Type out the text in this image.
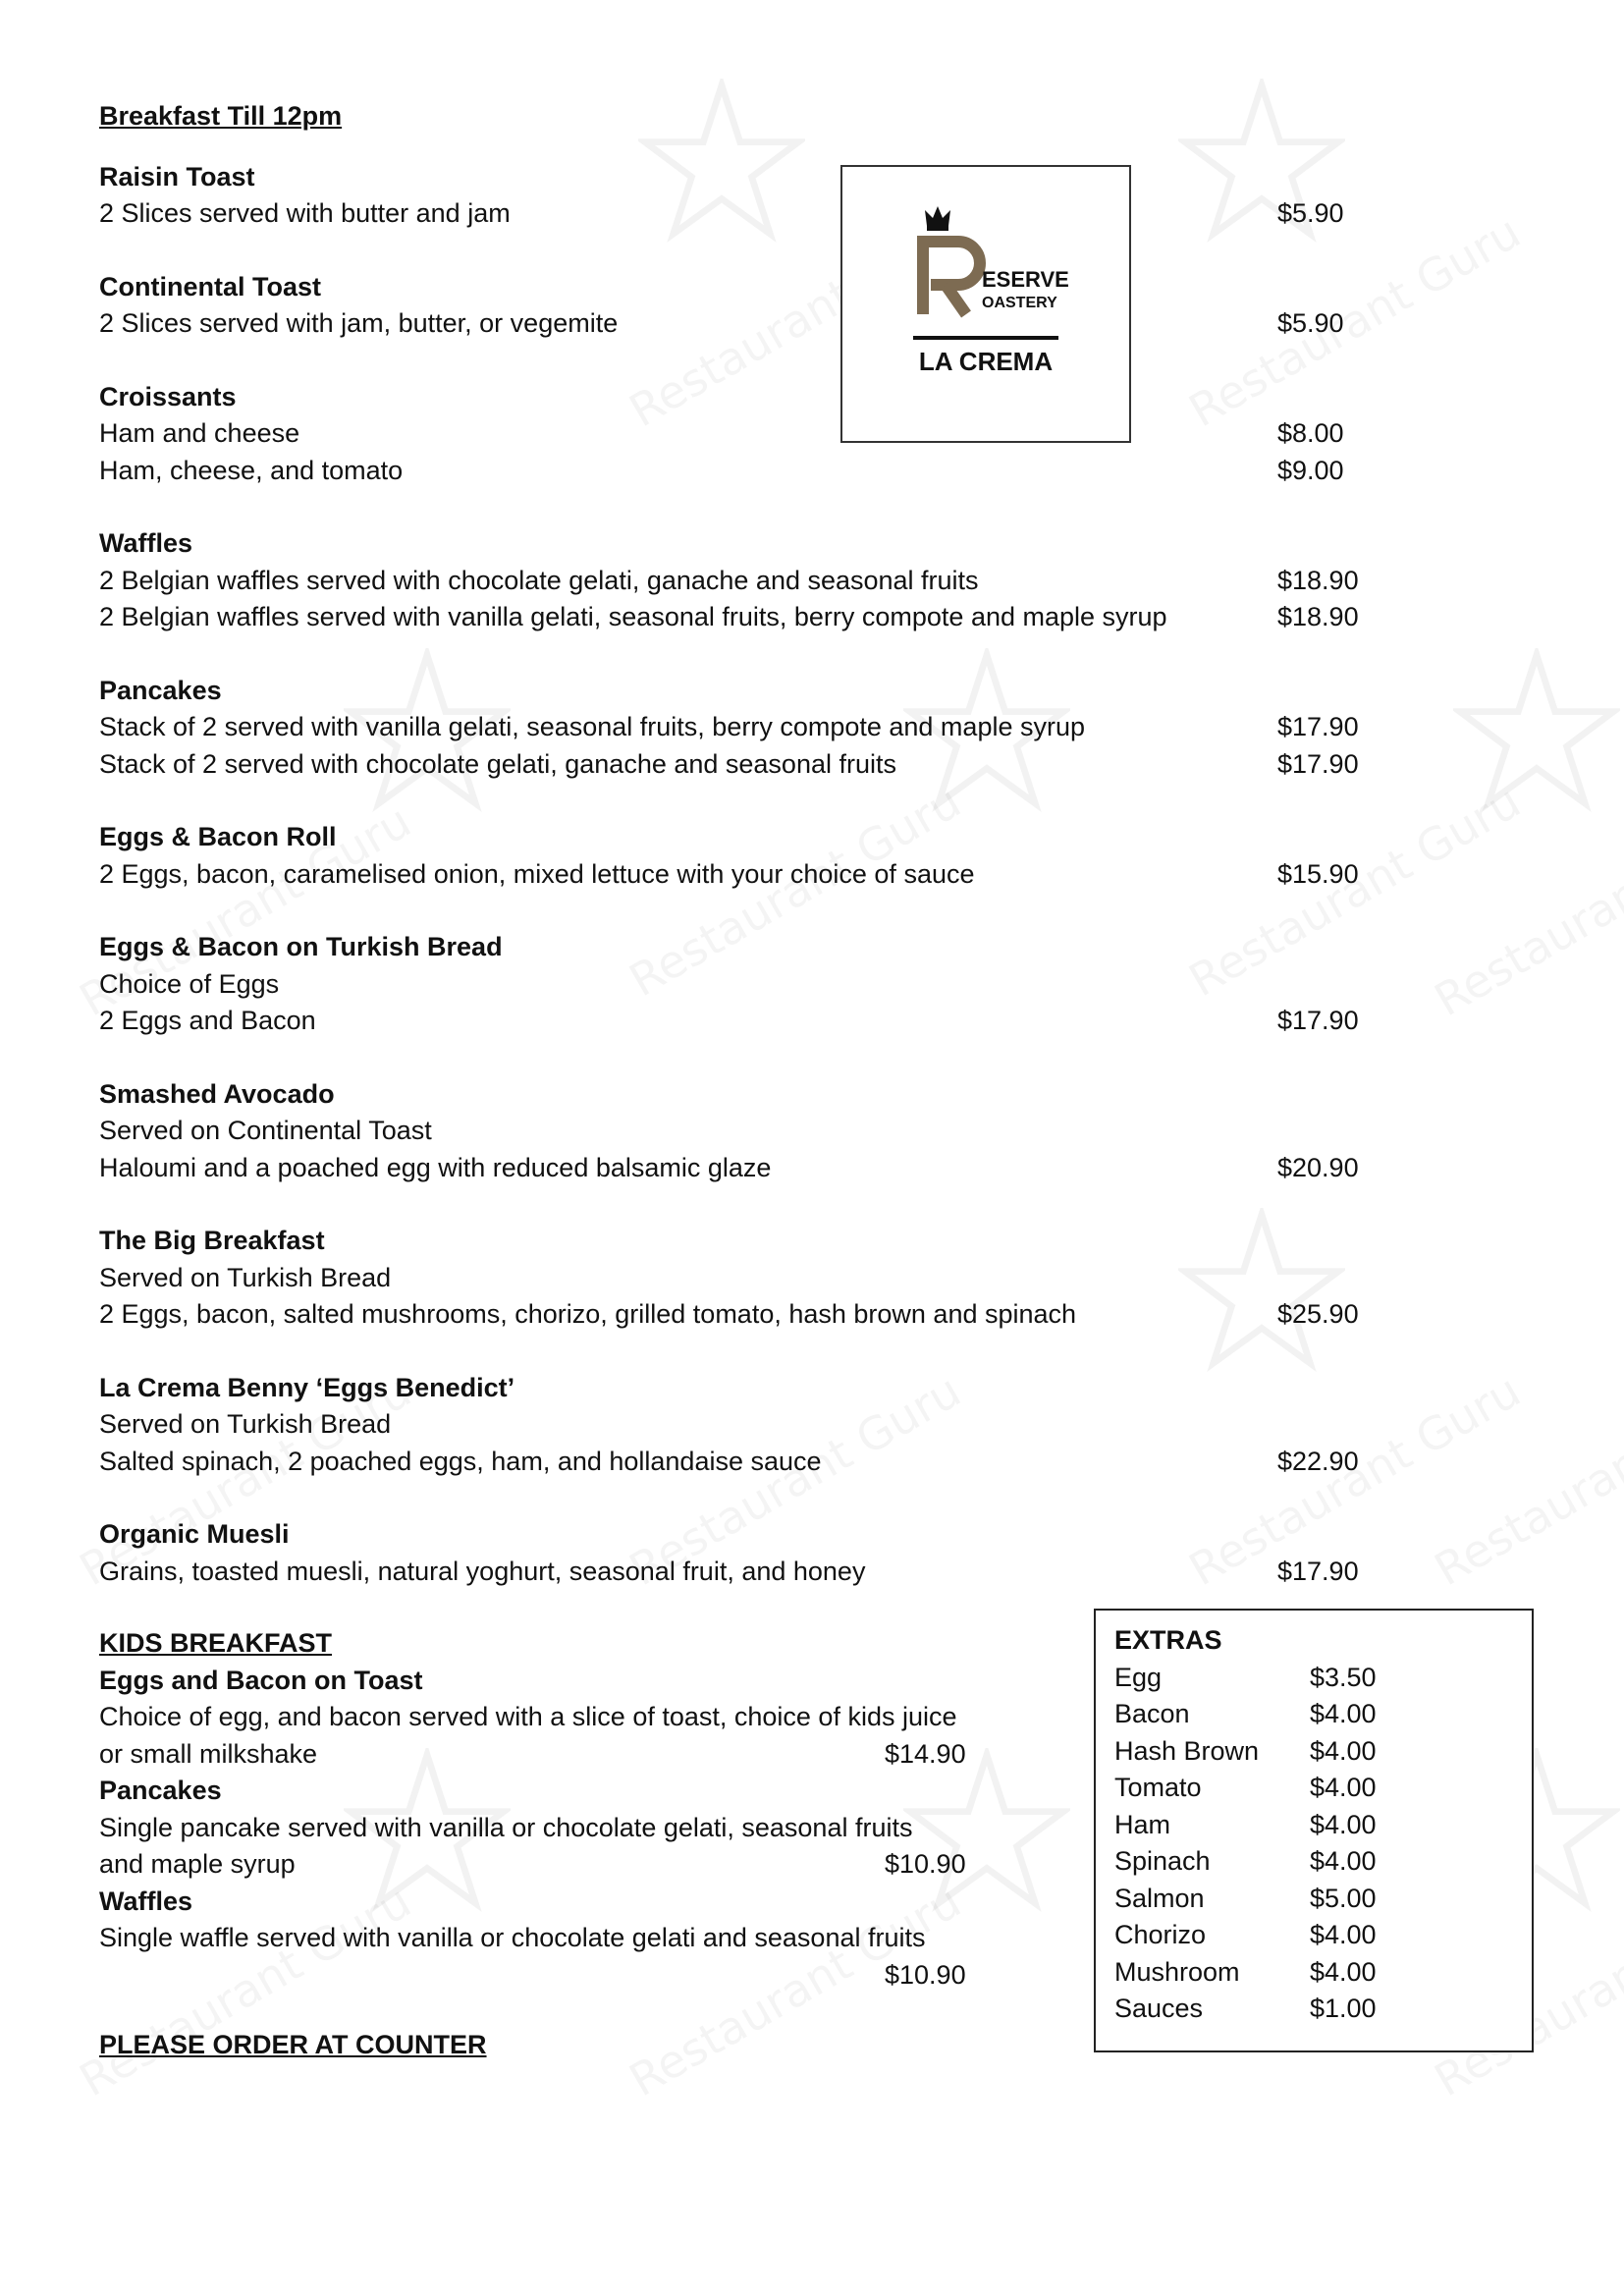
Breakfast Till 12pm
Raisin Toast
2 Slices served with butter and jam	$5.90
Continental Toast
2 Slices served with jam, butter, or vegemite	$5.90
Croissants
Ham and cheese	$8.00
Ham, cheese, and tomato	$9.00
Waffles
2 Belgian waffles served with chocolate gelati, ganache and seasonal fruits	$18.90
2 Belgian waffles served with vanilla gelati, seasonal fruits, berry compote and maple syrup	$18.90
Pancakes
Stack of 2 served with vanilla gelati, seasonal fruits, berry compote and maple syrup	$17.90
Stack of 2 served with chocolate gelati, ganache and seasonal fruits	$17.90
Eggs & Bacon Roll
2 Eggs, bacon, caramelised onion, mixed lettuce with your choice of sauce	$15.90
Eggs & Bacon on Turkish Bread
Choice of Eggs
2 Eggs and Bacon	$17.90
Smashed Avocado
Served on Continental Toast
Haloumi and a poached egg with reduced balsamic glaze	$20.90
The Big Breakfast
Served on Turkish Bread
2 Eggs, bacon, salted mushrooms, chorizo, grilled tomato, hash brown and spinach	$25.90
La Crema Benny ‘Eggs Benedict’
Served on Turkish Bread
Salted spinach, 2 poached eggs, ham, and hollandaise sauce	$22.90
Organic Muesli
Grains, toasted muesli, natural yoghurt, seasonal fruit, and honey	$17.90
ESERVE
OASTERY
LA CREMA
KIDS BREAKFAST
Eggs and Bacon on Toast
Choice of egg, and bacon served with a slice of toast, choice of kids juice
or small milkshake	$14.90
Pancakes
Single pancake served with vanilla or chocolate gelati, seasonal fruits
and maple syrup	$10.90
Waffles
Single waffle served with vanilla or chocolate gelati and seasonal fruits
$10.90
PLEASE ORDER AT COUNTER
EXTRAS
Egg	$3.50
Bacon	$4.00
Hash Brown $4.00
Tomato	$4.00
Ham	$4.00
Spinach	$4.00
Salmon	$5.00
Chorizo	$4.00
Mushroom	$4.00
Sauces	$1.00
